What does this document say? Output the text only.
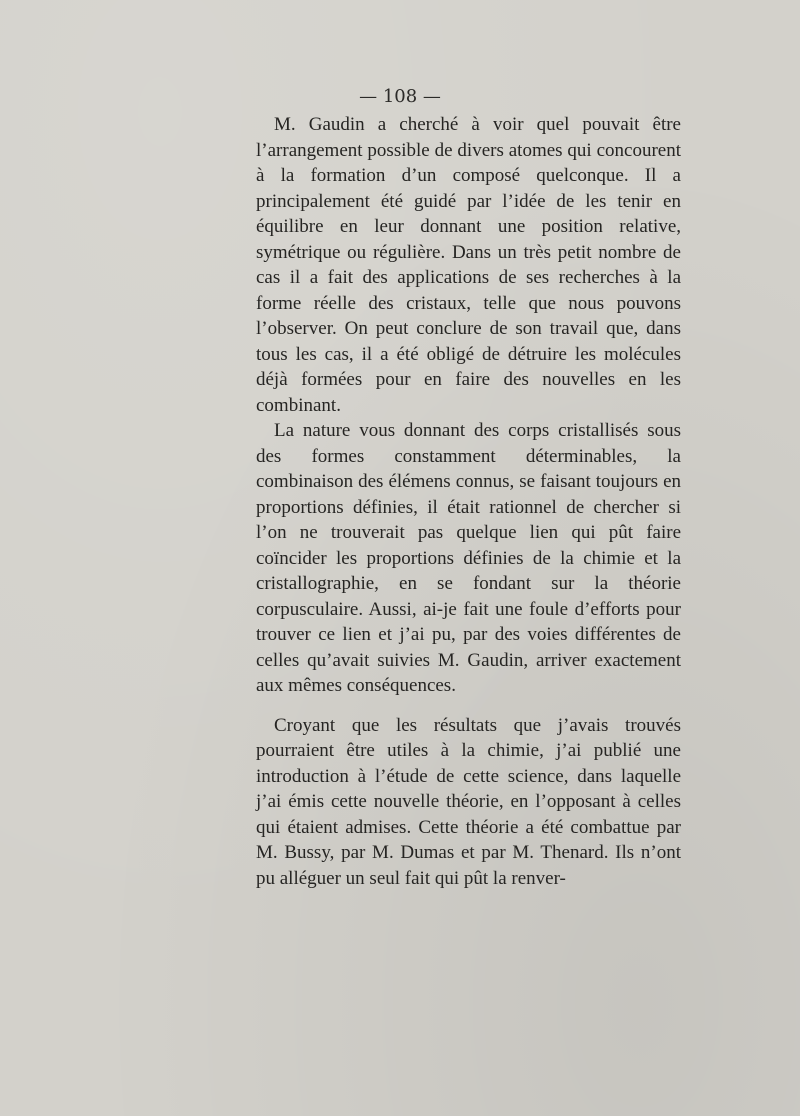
— 108 —

M. Gaudin a cherché à voir quel pouvait être l’arrangement possible de divers atomes qui concourent à la formation d’un composé quelconque. Il a principalement été guidé par l’idée de les tenir en équilibre en leur donnant une position relative, symétrique ou régulière. Dans un très petit nombre de cas il a fait des applications de ses recherches à la forme réelle des cristaux, telle que nous pouvons l’observer. On peut conclure de son travail que, dans tous les cas, il a été obligé de détruire les molécules déjà formées pour en faire des nouvelles en les combinant.

La nature vous donnant des corps cristallisés sous des formes constamment déterminables, la combinaison des élémens connus, se faisant toujours en proportions définies, il était rationnel de chercher si l’on ne trouverait pas quelque lien qui pût faire coïncider les proportions définies de la chimie et la cristallographie, en se fondant sur la théorie corpusculaire. Aussi, ai-je fait une foule d’efforts pour trouver ce lien et j’ai pu, par des voies différentes de celles qu’avait suivies M. Gaudin, arriver exactement aux mêmes conséquences.

Croyant que les résultats que j’avais trouvés pourraient être utiles à la chimie, j’ai publié une introduction à l’étude de cette science, dans laquelle j’ai émis cette nouvelle théorie, en l’opposant à celles qui étaient admises. Cette théorie a été combattue par M. Bussy, par M. Dumas et par M. Thenard. Ils n’ont pu alléguer un seul fait qui pût la renver-
